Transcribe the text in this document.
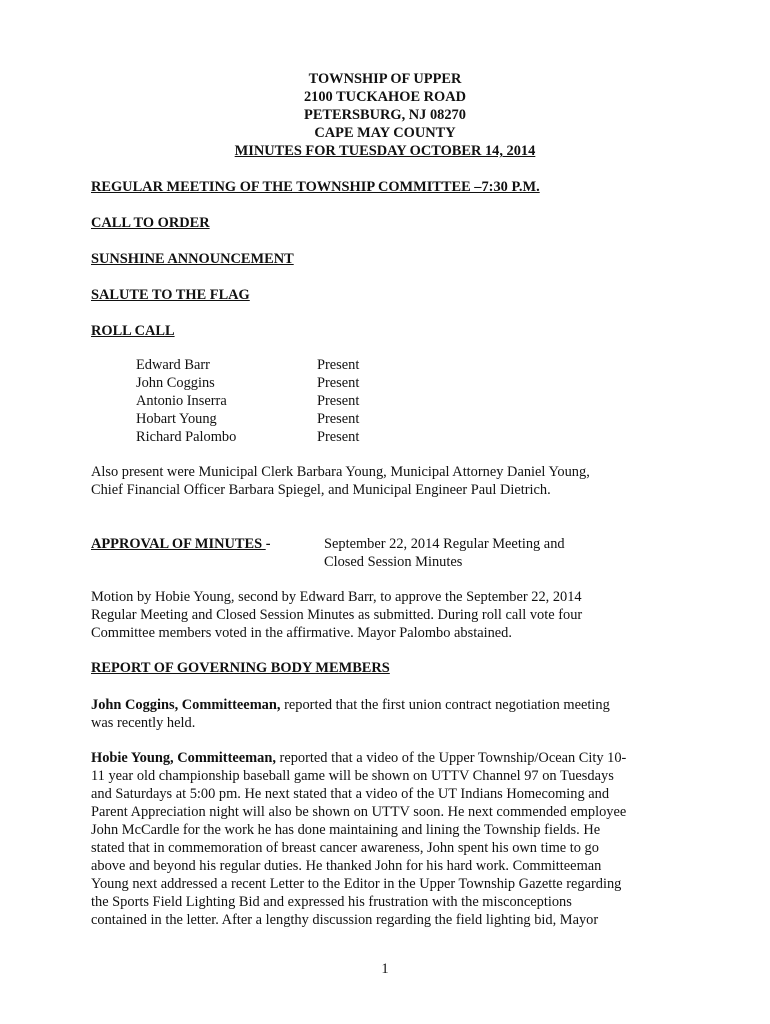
TOWNSHIP OF UPPER
2100 TUCKAHOE ROAD
PETERSBURG, NJ 08270
CAPE MAY COUNTY
MINUTES FOR TUESDAY OCTOBER 14, 2014
REGULAR MEETING OF THE TOWNSHIP COMMITTEE –7:30 P.M.
CALL TO ORDER
SUNSHINE ANNOUNCEMENT
SALUTE TO THE FLAG
ROLL CALL
Edward Barr	Present
John Coggins	Present
Antonio Inserra	Present
Hobart Young	Present
Richard Palombo	Present
Also present were Municipal Clerk Barbara Young, Municipal Attorney Daniel Young,
Chief Financial Officer Barbara Spiegel, and Municipal Engineer Paul Dietrich.
APPROVAL OF MINUTES -	September 22, 2014 Regular Meeting and
Closed Session Minutes
Motion by Hobie Young, second by Edward Barr, to approve the September 22, 2014
Regular Meeting and Closed Session Minutes as submitted. During roll call vote four
Committee members voted in the affirmative. Mayor Palombo abstained.
REPORT OF GOVERNING BODY MEMBERS
John Coggins, Committeeman, reported that the first union contract negotiation meeting
was recently held.
Hobie Young, Committeeman, reported that a video of the Upper Township/Ocean City 10-
11 year old championship baseball game will be shown on UTTV Channel 97 on Tuesdays
and Saturdays at 5:00 pm. He next stated that a video of the UT Indians Homecoming and
Parent Appreciation night will also be shown on UTTV soon. He next commended employee
John McCardle for the work he has done maintaining and lining the Township fields. He
stated that in commemoration of breast cancer awareness, John spent his own time to go
above and beyond his regular duties. He thanked John for his hard work. Committeeman
Young next addressed a recent Letter to the Editor in the Upper Township Gazette regarding
the Sports Field Lighting Bid and expressed his frustration with the misconceptions
contained in the letter. After a lengthy discussion regarding the field lighting bid, Mayor
1
